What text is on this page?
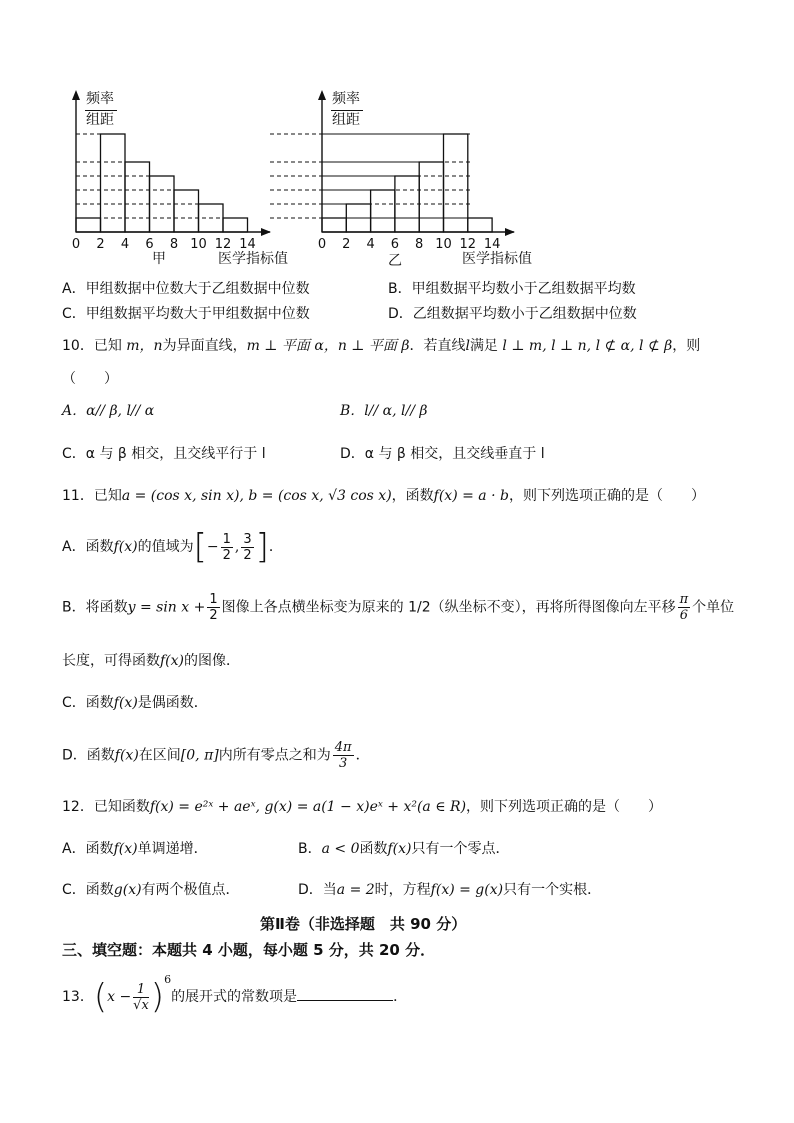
0 2 4 6 8 10 12 14	0 2 4 6 8 10 12 14
频率
组距
频率
组距
甲	医学指标值	乙	医学指标值
A．甲组数据中位数大于乙组数据中位数	B．甲组数据平均数小于乙组数据平均数
C．甲组数据平均数大于甲组数据中位数	D．乙组数据平均数小于乙组数据中位数
10．已知 m，n为异面直线，m ⊥ 平面 α，n ⊥ 平面 β．若直线l满足 l ⊥ m, l ⊥ n, l ⊄ α, l ⊄ β，则
（　　）
A．α// β, l// α	B．l// α, l// β
C．α 与 β 相交，且交线平行于 l	D．α 与 β 相交，且交线垂直于 l
11．已知a = (cos x, sin x), b = (cos x, √3 cos x)，函数f(x) = a · b，则下列选项正确的是（　　）
A．函数f(x)的值域为[− $\frac{1}{2}$ , $\frac{3}{2}$ ]．
B．将函数$y = \sin x + \frac{1}{2}$ 图像上各点横坐标变为原来的 1/2（纵坐标不变），再将所得图像向左平移 $\frac{\pi}{6}$ 个单位
长度，可得函数f(x)的图像．
C．函数f(x)是偶函数．
D．函数f(x)在区间[0, π]内所有零点之和为 $\frac{4\pi}{3}$ ．
12．已知函数f(x) = e²ˣ + aeˣ, g(x) = a(1 − x)eˣ + x²(a ∈ R)，则下列选项正确的是（　　）
A．函数f(x)单调递增．	B．a < 0函数f(x)只有一个零点．
C．函数g(x)有两个极值点．	D．当a = 2时，方程f(x) = g(x)只有一个实根．
第Ⅱ卷（非选择题　共 90 分）
三、填空题：本题共 4 小题，每小题 5 分，共 20 分．
13．$(x - \frac{1}{√x} )^6$的展开式的常数项是	．
